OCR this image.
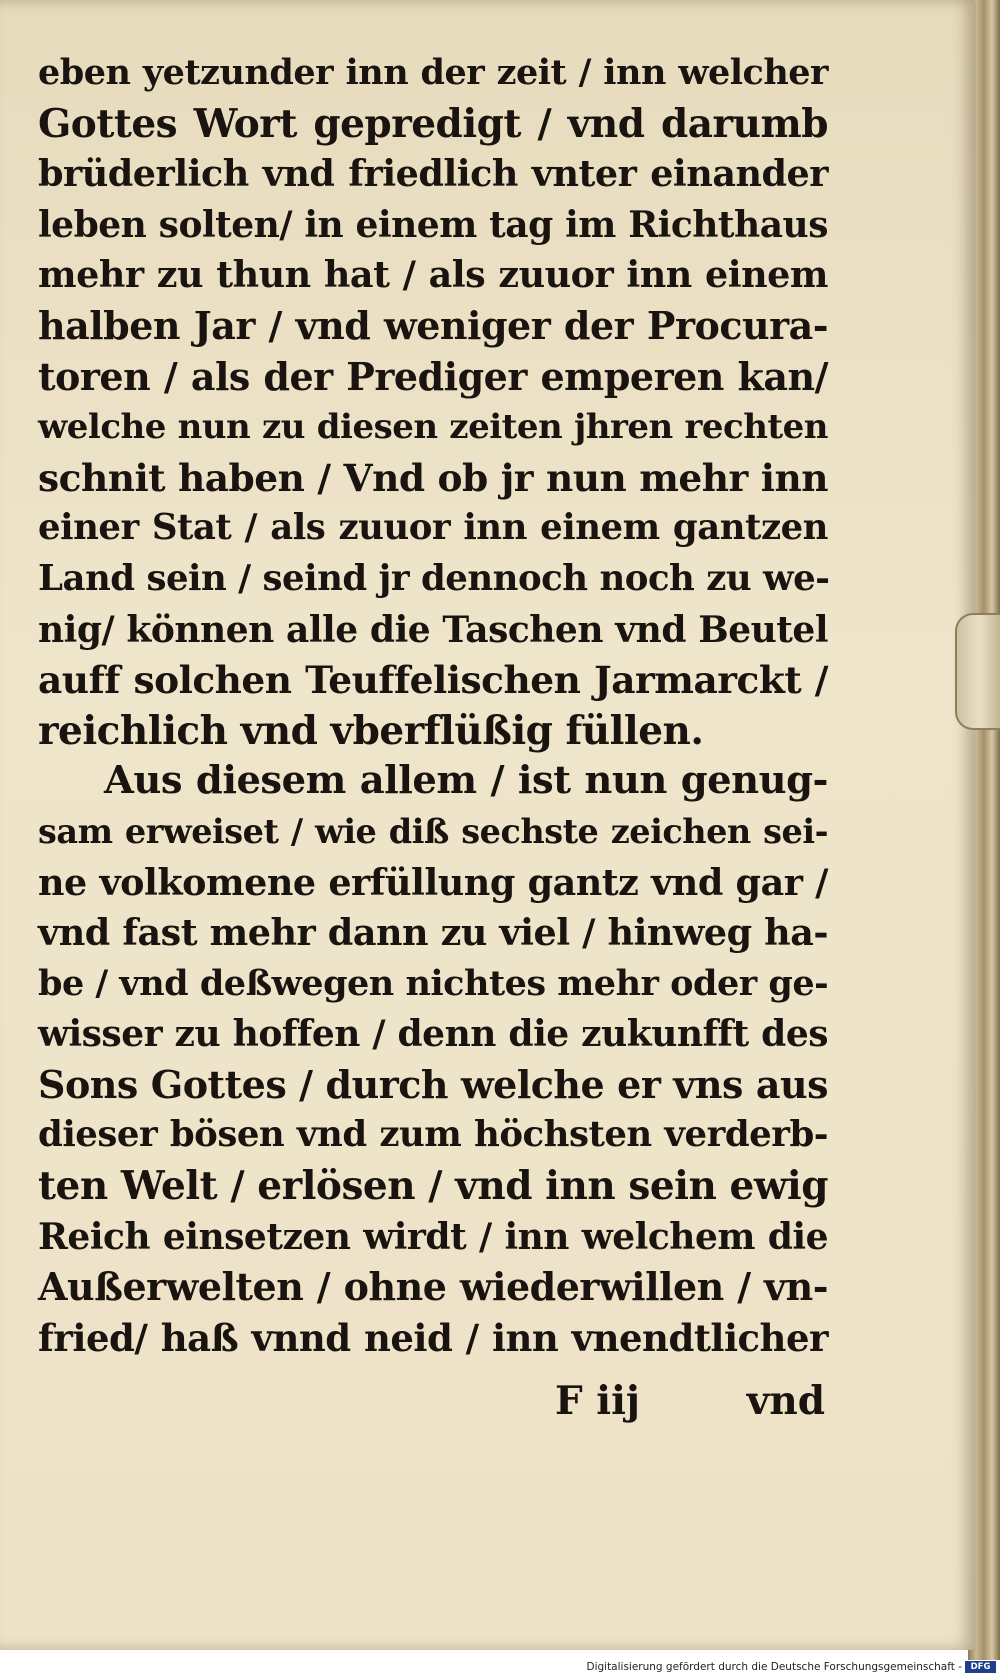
eben yetzunder inn der zeit / inn welcher
Gottes Wort gepredigt / vnd darumb
brüderlich vnd friedlich vnter einander
leben solten/ in einem tag im Richthaus
mehr zu thun hat / als zuuor inn einem
halben Jar / vnd weniger der Procura-
toren / als der Prediger emperen kan/
welche nun zu diesen zeiten jhren rechten
schnit haben / Vnd ob jr nun mehr inn
einer Stat / als zuuor inn einem gantzen
Land sein / seind jr dennoch noch zu we-
nig/ können alle die Taschen vnd Beutel
auff solchen Teuffelischen Jarmarckt /
reichlich vnd vberflüßig füllen.
Aus diesem allem / ist nun genug-
sam erweiset / wie diß sechste zeichen sei-
ne volkomene erfüllung gantz vnd gar /
vnd fast mehr dann zu viel / hinweg ha-
be / vnd deßwegen nichtes mehr oder ge-
wisser zu hoffen / denn die zukunfft des
Sons Gottes / durch welche er vns aus
dieser bösen vnd zum höchsten verderb-
ten Welt / erlösen / vnd inn sein ewig
Reich einsetzen wirdt / inn welchem die
Außerwelten / ohne wiederwillen / vn-
fried/ haß vnnd neid / inn vnendtlicher
F iij	vnd
Digitalisierung gefördert durch die Deutsche Forschungsgemeinschaft -	DFG
